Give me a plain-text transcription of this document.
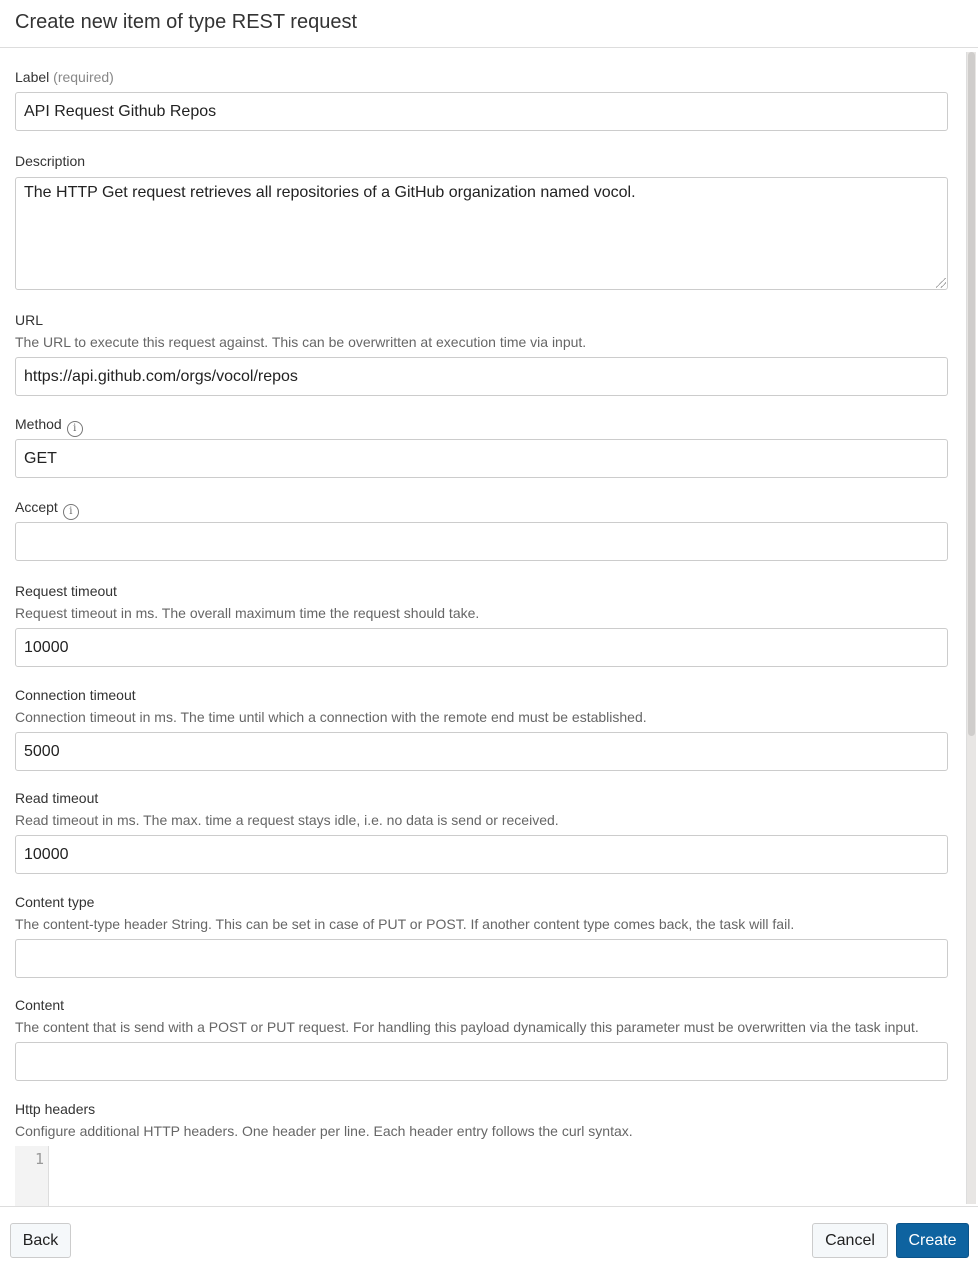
Create new item of type REST request
Label (required)
API Request Github Repos
Description
The HTTP Get request retrieves all repositories of a GitHub organization named vocol.
URL
The URL to execute this request against. This can be overwritten at execution time via input.
https://api.github.com/orgs/vocol/repos
Method i
GET
Accept i
Request timeout
Request timeout in ms. The overall maximum time the request should take.
10000
Connection timeout
Connection timeout in ms. The time until which a connection with the remote end must be established.
5000
Read timeout
Read timeout in ms. The max. time a request stays idle, i.e. no data is send or received.
10000
Content type
The content-type header String. This can be set in case of PUT or POST. If another content type comes back, the task will fail.
Content
The content that is send with a POST or PUT request. For handling this payload dynamically this parameter must be overwritten via the task input.
Http headers
Configure additional HTTP headers. One header per line. Each header entry follows the curl syntax.
1
Back	Cancel	Create
